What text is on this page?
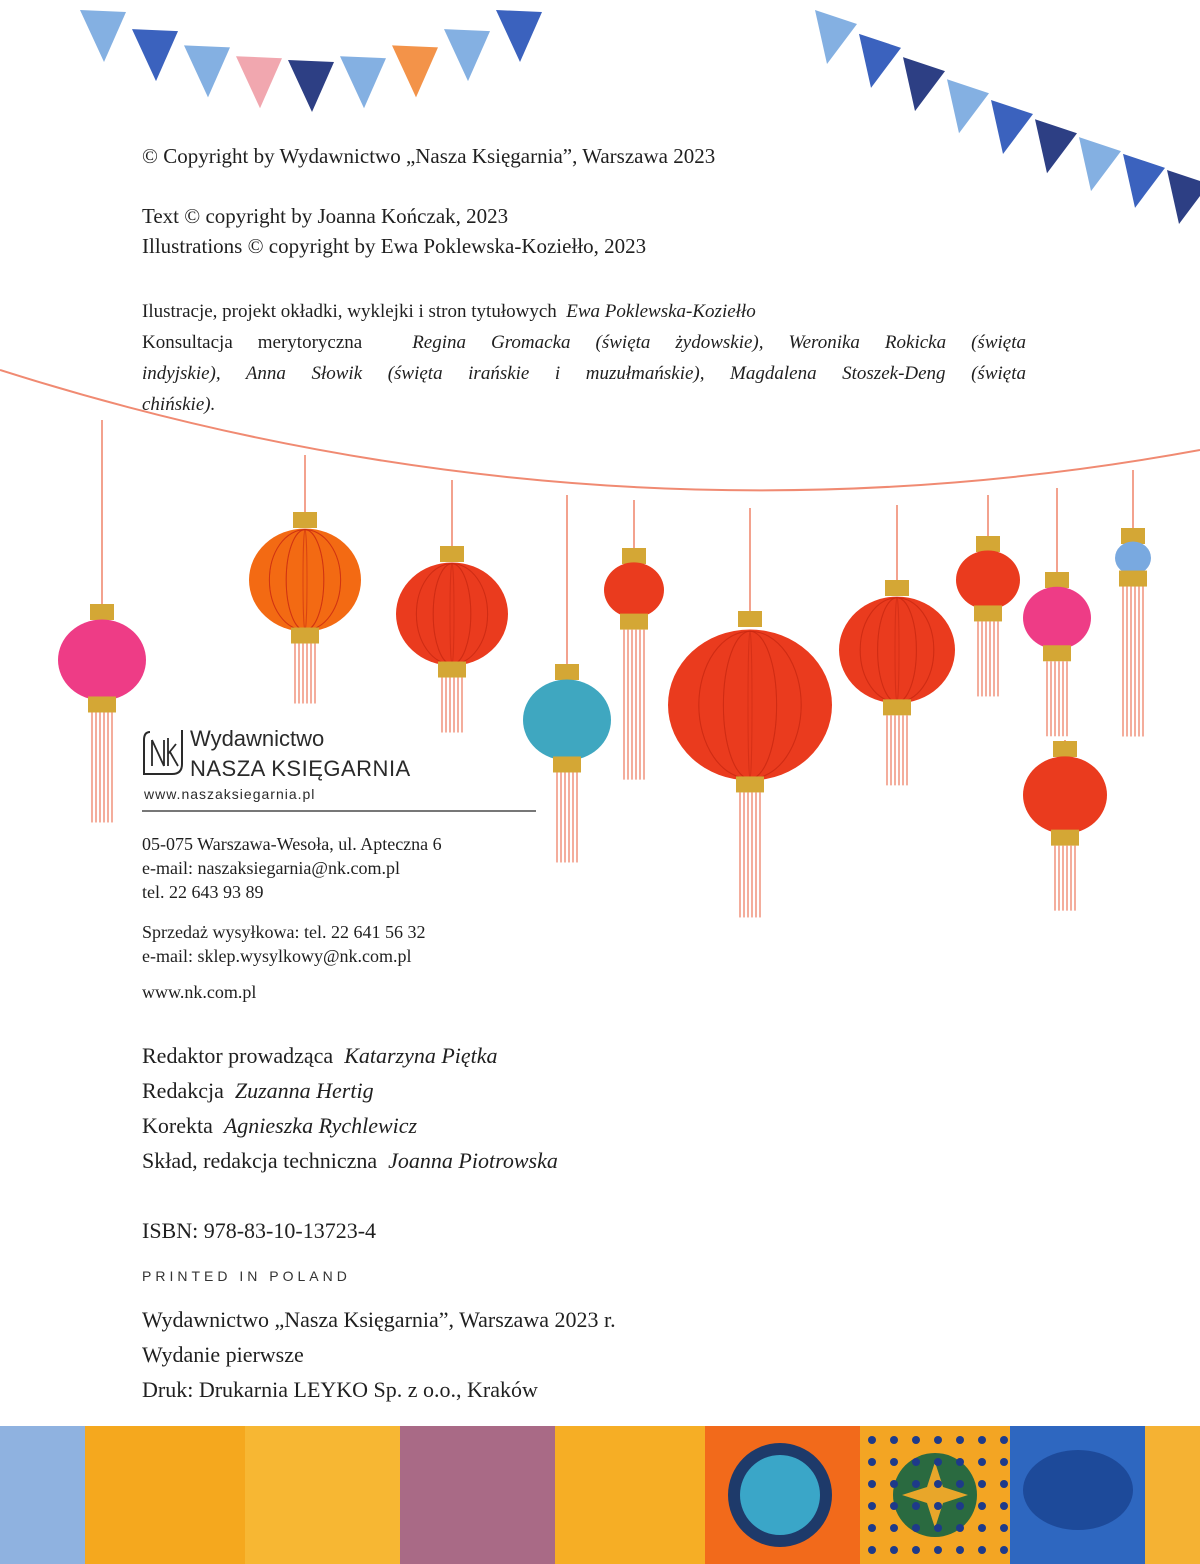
© Copyright by Wydawnictwo „Nasza Księgarnia”, Warszawa 2023
Text © copyright by Joanna Kończak, 2023
Illustrations © copyright by Ewa Poklewska-Koziełło, 2023
Ilustracje, projekt okładki, wyklejki i stron tytułowych Ewa Poklewska-Koziełło
Konsultacja merytoryczna	Regina Gromacka (święta żydowskie), Weronika Rokicka (święta
indyjskie), Anna Słowik (święta irańskie i muzułmańskie), Magdalena Stoszek-Deng (święta
chińskie).
Wydawnictwo
NASZA KSIĘGARNIA
www.naszaksiegarnia.pl
05-075 Warszawa-Wesoła, ul. Apteczna 6
e-mail: naszaksiegarnia@nk.com.pl
tel. 22 643 93 89
Sprzedaż wysyłkowa: tel. 22 641 56 32
e-mail: sklep.wysylkowy@nk.com.pl
www.nk.com.pl
Redaktor prowadząca Katarzyna Piętka
Redakcja Zuzanna Hertig
Korekta Agnieszka Rychlewicz
Skład, redakcja techniczna Joanna Piotrowska
ISBN: 978-83-10-13723-4
PRINTED IN POLAND
Wydawnictwo „Nasza Księgarnia”, Warszawa 2023 r.
Wydanie pierwsze
Druk: Drukarnia LEYKO Sp. z o.o., Kraków
